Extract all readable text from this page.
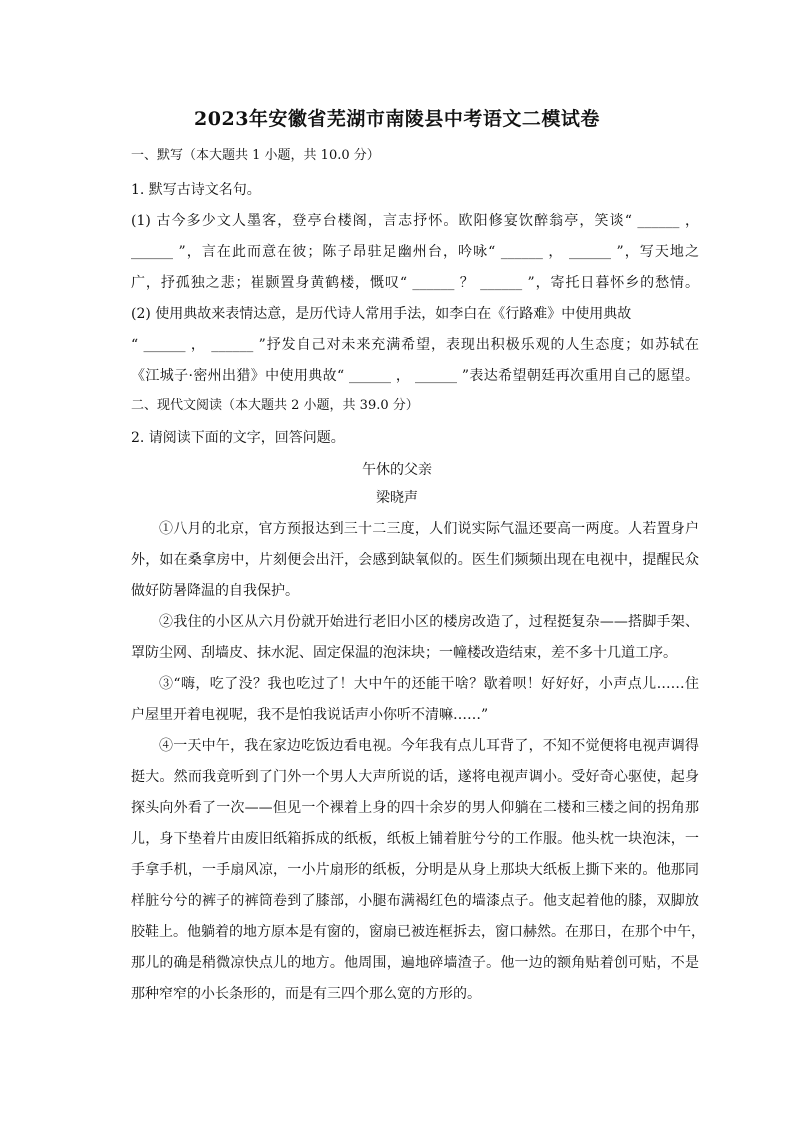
2023年安徽省芜湖市南陵县中考语文二模试卷
一、默写（本大题共 1 小题，共 10.0 分）
1. 默写古诗文名句。
(1) 古今多少文人墨客，登亭台楼阁，言志抒怀。欧阳修宴饮醉翁亭，笑谈“ ______ ，
______ ”，言在此而意在彼；陈子昂驻足幽州台，吟咏“ ______ ， ______ ”，写天地之
广，抒孤独之悲；崔颢置身黄鹤楼，慨叹“ ______ ？ ______ ”，寄托日暮怀乡的愁情。
(2) 使用典故来表情达意，是历代诗人常用手法，如李白在《行路难》中使用典故
“ ______ ， ______ ”抒发自己对未来充满希望，表现出积极乐观的人生态度；如苏轼在
《江城子·密州出猎》中使用典故“ ______ ， ______ ”表达希望朝廷再次重用自己的愿望。
二、现代文阅读（本大题共 2 小题，共 39.0 分）
2. 请阅读下面的文字，回答问题。
午休的父亲
梁晓声
①八月的北京，官方预报达到三十二三度，人们说实际气温还要高一两度。人若置身户
外，如在桑拿房中，片刻便会出汗，会感到缺氧似的。医生们频频出现在电视中，提醒民众
做好防暑降温的自我保护。
②我住的小区从六月份就开始进行老旧小区的楼房改造了，过程挺复杂——搭脚手架、
罩防尘网、刮墙皮、抹水泥、固定保温的泡沫块；一幢楼改造结束，差不多十几道工序。
③“嗨，吃了没？我也吃过了！大中午的还能干啥？歇着呗！好好好，小声点儿……住
户屋里开着电视呢，我不是怕我说话声小你听不清嘛……”
④一天中午，我在家边吃饭边看电视。今年我有点儿耳背了，不知不觉便将电视声调得
挺大。然而我竟听到了门外一个男人大声所说的话，遂将电视声调小。受好奇心驱使，起身
探头向外看了一次——但见一个裸着上身的四十余岁的男人仰躺在二楼和三楼之间的拐角那
儿，身下垫着片由废旧纸箱拆成的纸板，纸板上铺着脏兮兮的工作服。他头枕一块泡沫，一
手拿手机，一手扇风凉，一小片扇形的纸板，分明是从身上那块大纸板上撕下来的。他那同
样脏兮兮的裤子的裤筒卷到了膝部，小腿布满褐红色的墙漆点子。他支起着他的膝，双脚放
胶鞋上。他躺着的地方原本是有窗的，窗扇已被连框拆去，窗口赫然。在那日，在那个中午，
那儿的确是稍微凉快点儿的地方。他周围，遍地碎墙渣子。他一边的额角贴着创可贴，不是
那种窄窄的小长条形的，而是有三四个那么宽的方形的。
